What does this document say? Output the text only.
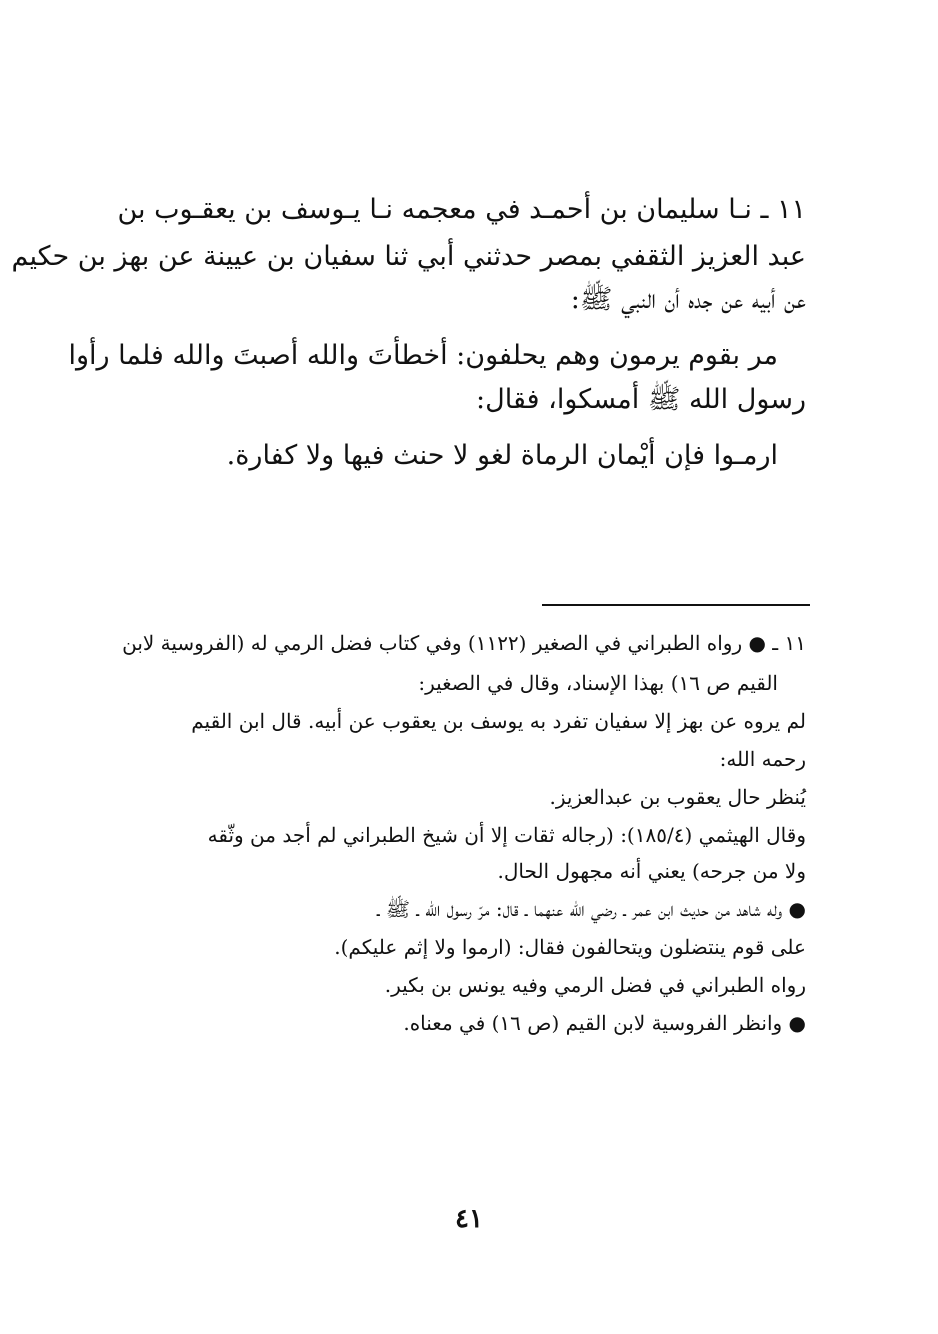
١١ ـ نـا سليمان بن أحمـد في معجمه نـا يـوسف بن يعقـوب بن
عبد العزيز الثقفي بمصر حدثني أبي ثنا سفيان بن عيينة عن بهز بن حكيم
عن أبيه عن جده أن النبي ﷺ:
مر بقوم يرمون وهم يحلفون: أخطأتَ والله أصبتَ والله فلما رأوا
رسول الله ﷺ أمسكوا، فقال:
ارمـوا فإن أيْمان الرماة لغو لا حنث فيها ولا كفارة.
١١ ـ ● رواه الطبراني في الصغير (١١٢٢) وفي كتاب فضل الرمي له (الفروسية لابن
القيم ص ١٦) بهذا الإسناد، وقال في الصغير:
لم يروه عن بهز إلا سفيان تفرد به يوسف بن يعقوب عن أبيه. قال ابن القيم
رحمه الله:
يُنظر حال يعقوب بن عبدالعزيز.
وقال الهيثمي (١٨٥/٤): (رجاله ثقات إلا أن شيخ الطبراني لم أجد من وثّقه
ولا من جرحه) يعني أنه مجهول الحال.
● وله شاهد من حديث ابن عمر ـ رضي الله عنهما ـ قال: مرّ رسول الله ـ ﷺ ـ
على قوم ينتضلون ويتحالفون فقال: (ارموا ولا إثم عليكم).
رواه الطبراني في فضل الرمي وفيه يونس بن بكير.
● وانظر الفروسية لابن القيم (ص ١٦) في معناه.
٤١
